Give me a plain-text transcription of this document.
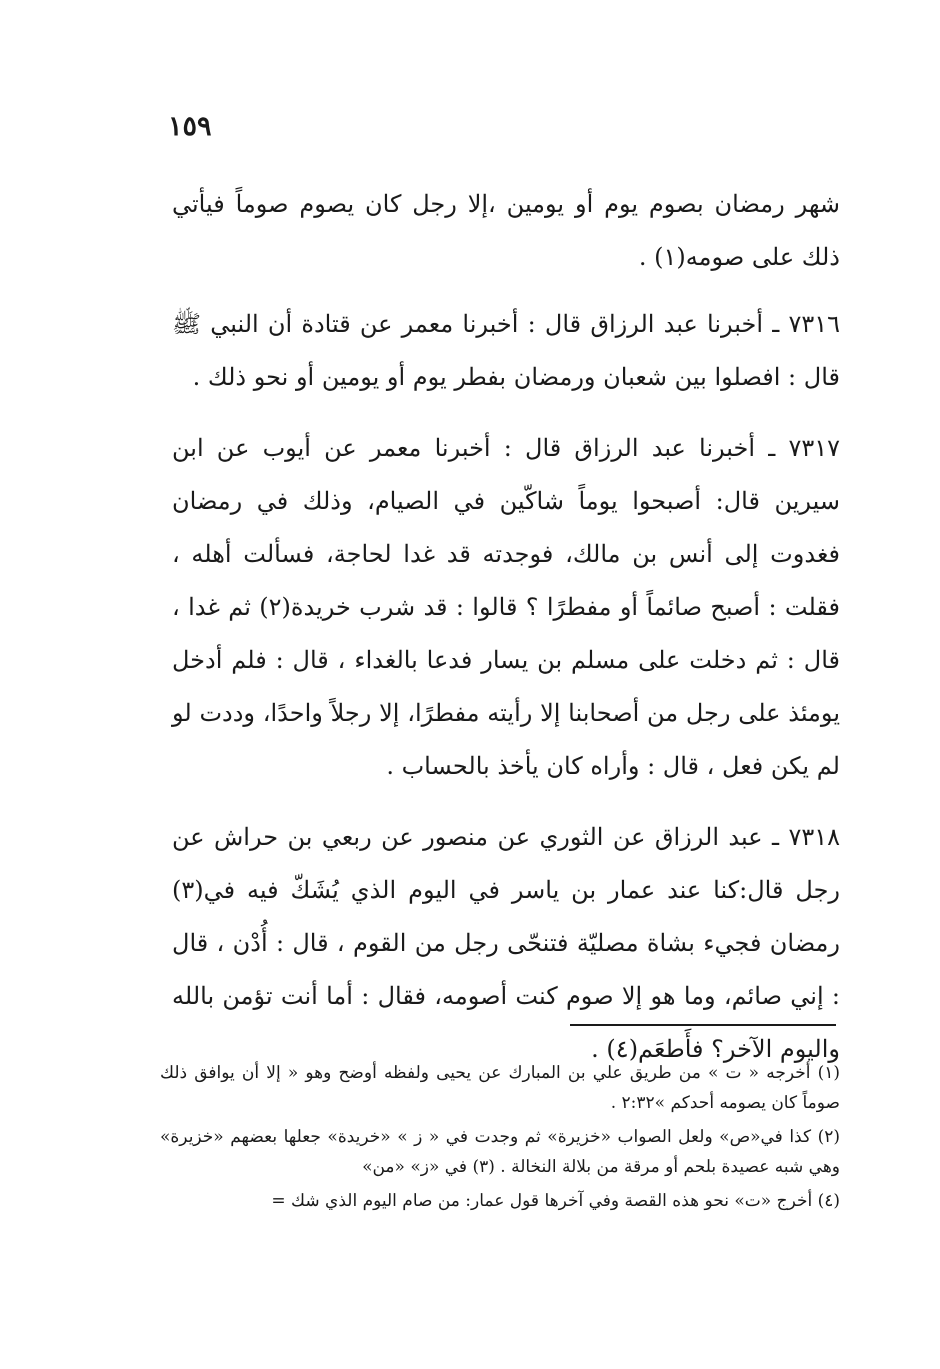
١٥٩

شهر رمضان بصوم يوم أو يومين ،إلا رجل كان يصوم صوماً فيأتي ذلك على صومه(١) .

٧٣١٦ ـ أخبرنا عبد الرزاق قال : أخبرنا معمر عن قتادة أن النبي ﷺ قال : افصلوا بين شعبان ورمضان بفطر يوم أو يومين أو نحو ذلك .

٧٣١٧ ـ أخبرنا عبد الرزاق قال : أخبرنا معمر عن أيوب عن ابن سيرين قال: أصبحوا يوماً شاكّين في الصيام، وذلك في رمضان فغدوت إلى أنس بن مالك، فوجدته قد غدا لحاجة، فسألت أهله ، فقلت : أصبح صائماً أو مفطرًا ؟ قالوا : قد شرب خريدة(٢) ثم غدا ، قال : ثم دخلت على مسلم بن يسار فدعا بالغداء ، قال : فلم أدخل يومئذ على رجل من أصحابنا إلا رأيته مفطرًا، إلا رجلاً واحدًا، وددت لو لم يكن فعل ، قال : وأراه كان يأخذ بالحساب .

٧٣١٨ ـ عبد الرزاق عن الثوري عن منصور عن ربعي بن حراش عن رجل قال:كنا عند عمار بن ياسر في اليوم الذي يُشَكّ فيه في(٣) رمضان فجيء بشاة مصليّة فتنحّى رجل من القوم ، قال : أُدْن ، قال : إني صائم، وما هو إلا صوم كنت أصومه، فقال : أما أنت تؤمن بالله واليوم الآخر؟ فأَطعَم(٤) .

(١) أخرجه « ت » من طريق علي بن المبارك عن يحيى ولفظه أوضح وهو « إلا أن يوافق ذلك صوماً كان يصومه أحدكم »٢:٣٢ .

(٢) كذا في«ص» ولعل الصواب «خزيرة» ثم وجدت في « ز » «خريدة» جعلها بعضهم «خزيرة» وهي شبه عصيدة بلحم أو مرقة من بلالة النخالة . (٣) في «ز» «من»

(٤) أخرج «ت» نحو هذه القصة وفي آخرها قول عمار: من صام اليوم الذي شك =
